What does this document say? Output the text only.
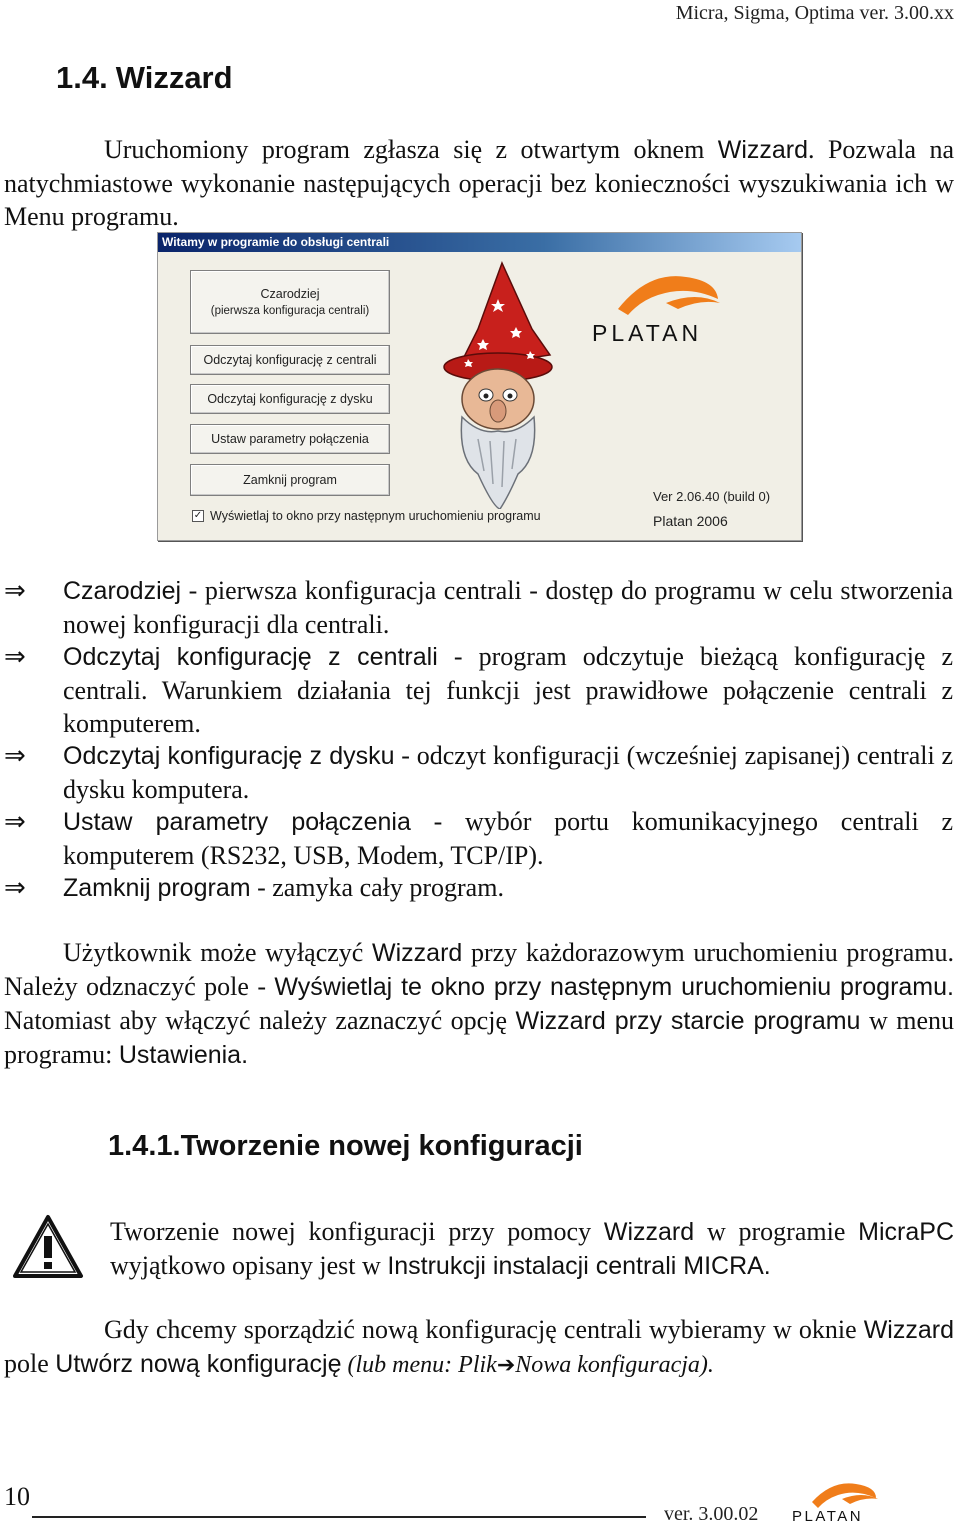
Micra, Sigma, Optima ver. 3.00.xx
1.4. Wizzard
Uruchomiony program zgłasza się z otwartym oknem Wizzard. Pozwala na natychmiastowe wykonanie następujących operacji bez konieczności wyszukiwania ich w Menu programu.
Witamy w programie do obsługi centrali
Czarodziej
(pierwsza konfiguracja centrali)
Odczytaj konfigurację z centrali
Odczytaj konfigurację z dysku
Ustaw parametry połączenia
Zamknij program
✓ Wyświetlaj to okno przy następnym uruchomieniu programu
PLATAN
Ver 2.06.40 (build 0)
Platan 2006
⇒ Czarodziej - pierwsza konfiguracja centrali - dostęp do programu w celu stworzenia nowej konfiguracji dla centrali.
⇒ Odczytaj konfigurację z centrali - program odczytuje bieżącą konfigurację z centrali. Warunkiem działania tej funkcji jest prawidłowe połączenie centrali z komputerem.
⇒ Odczytaj konfigurację z dysku - odczyt konfiguracji (wcześniej zapisanej) centrali z dysku komputera.
⇒ Ustaw parametry połączenia - wybór portu komunikacyjnego centrali z komputerem (RS232, USB, Modem, TCP/IP).
⇒ Zamknij program - zamyka cały program.
Użytkownik może wyłączyć Wizzard przy każdorazowym uruchomieniu programu. Należy odznaczyć pole - Wyświetlaj te okno przy następnym uruchomieniu programu. Natomiast aby włączyć należy zaznaczyć opcję Wizzard przy starcie programu w menu programu: Ustawienia.
1.4.1.Tworzenie nowej konfiguracji
Tworzenie nowej konfiguracji przy pomocy Wizzard w programie MicraPC wyjątkowo opisany jest w Instrukcji instalacji centrali MICRA.
Gdy chcemy sporządzić nową konfigurację centrali wybieramy w oknie Wizzard pole Utwórz nową konfigurację (lub menu: Plik➔Nowa konfiguracja).
10
ver. 3.00.02 PLATAN
